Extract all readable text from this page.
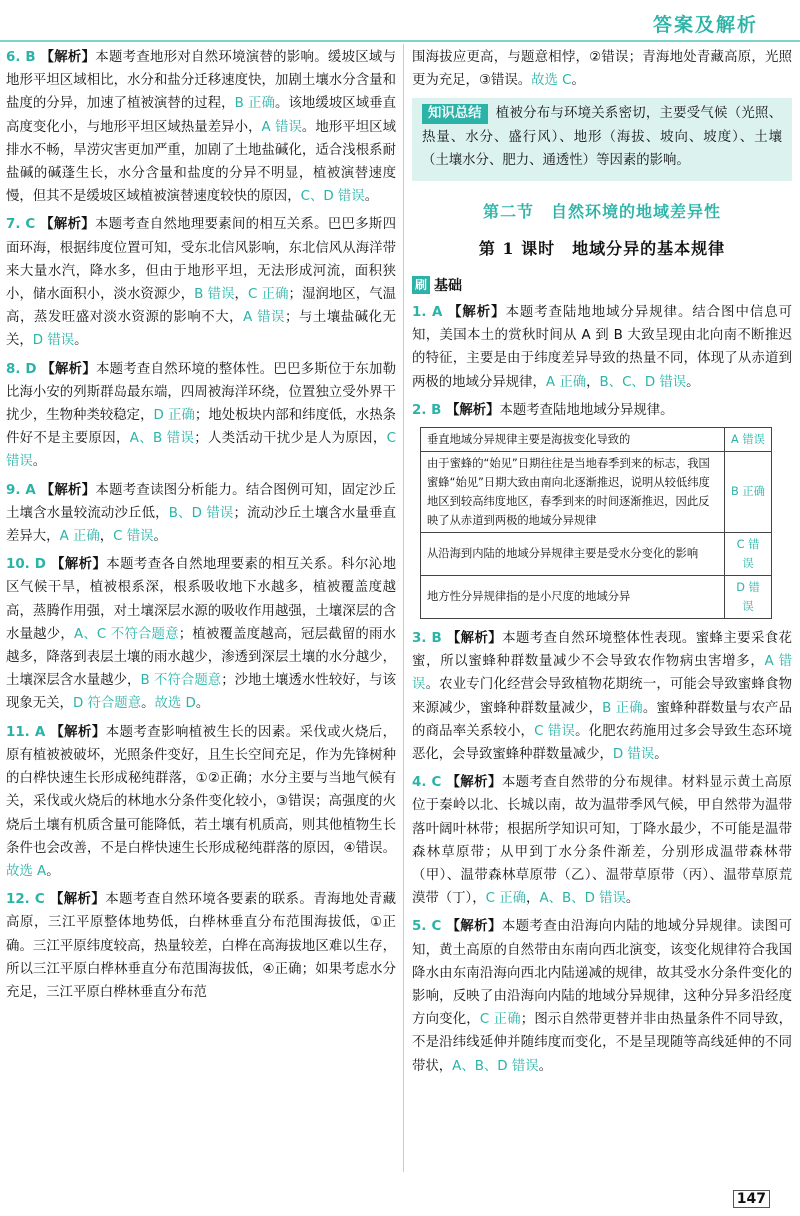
答案及解析
6. B 【解析】本题考查地形对自然环境演替的影响。缓坡区域与地形平坦区域相比，水分和盐分迁移速度快，加剧土壤水分含量和盐度的分异，加速了植被演替的过程，B 正确。该地缓坡区域垂直高度变化小，与地形平坦区域热量差异小，A 错误。地形平坦区域排水不畅，旱涝灾害更加严重，加剧了土地盐碱化，适合浅根系耐盐碱的碱蓬生长，水分含量和盐度的分异不明显，植被演替速度慢，但其不是缓坡区域植被演替速度较快的原因，C、D 错误。
7. C 【解析】本题考查自然地理要素间的相互关系。巴巴多斯四面环海，根据纬度位置可知，受东北信风影响，东北信风从海洋带来大量水汽，降水多，但由于地形平坦，无法形成河流，面积狭小，储水面积小，淡水资源少，B 错误，C 正确；湿润地区，气温高，蒸发旺盛对淡水资源的影响不大，A 错误；与土壤盐碱化无关，D 错误。
8. D 【解析】本题考查自然环境的整体性。巴巴多斯位于东加勒比海小安的列斯群岛最东端，四周被海洋环绕，位置独立受外界干扰少，生物种类较稳定，D 正确；地处板块内部和纬度低，水热条件好不是主要原因，A、B 错误；人类活动干扰少是人为原因，C 错误。
9. A 【解析】本题考查读图分析能力。结合图例可知，固定沙丘土壤含水量较流动沙丘低，B、D 错误；流动沙丘土壤含水量垂直差异大，A 正确，C 错误。
10. D 【解析】本题考查各自然地理要素的相互关系。科尔沁地区气候干旱，植被根系深，根系吸收地下水越多，植被覆盖度越高，蒸腾作用强，对土壤深层水源的吸收作用越强，土壤深层的含水量越少，A、C 不符合题意；植被覆盖度越高，冠层截留的雨水越多，降落到表层土壤的雨水越少，渗透到深层土壤的水分越少，土壤深层含水量越少，B 不符合题意；沙地土壤透水性较好，与该现象无关，D 符合题意。故选 D。
11. A 【解析】本题考查影响植被生长的因素。采伐或火烧后，原有植被被破坏，光照条件变好，且生长空间充足，作为先锋树种的白桦快速生长形成秘纯群落，①②正确；水分主要与当地气候有关，采伐或火烧后的林地水分条件变化较小，③错误；高强度的火烧后土壤有机质含量可能降低，若土壤有机质高，则其他植物生长条件也会改善，不是白桦快速生长形成秘纯群落的原因，④错误。故选 A。
12. C 【解析】本题考查自然环境各要素的联系。青海地处青藏高原，三江平原整体地势低，白桦林垂直分布范围海拔低，①正确。三江平原纬度较高，热量较差，白桦在高海拔地区难以生存，所以三江平原白桦林垂直分布范围海拔低，④正确；如果考虑水分充足，三江平原白桦林垂直分布范
围海拔应更高，与题意相悖，②错误；青海地处青藏高原，光照更为充足，③错误。故选 C。
知识总结 植被分布与环境关系密切，主要受气候（光照、热量、水分、盛行风）、地形（海拔、坡向、坡度）、土壤（土壤水分、肥力、通透性）等因素的影响。
第二节　自然环境的地域差异性
第 1 课时　地域分异的基本规律
刷 基础
1. A 【解析】本题考查陆地地域分异规律。结合图中信息可知，美国本土的赏秋时间从 A 到 B 大致呈现由北向南不断推迟的特征，主要是由于纬度差异导致的热量不同，体现了从赤道到两极的地域分异规律，A 正确，B、C、D 错误。
2. B 【解析】本题考查陆地地域分异规律。
垂直地域分异规律主要是海拔变化导致的	A 错误
由于蜜蜂的“始见”日期往往是当地春季到来的标志，我国蜜蜂“始见”日期大致由南向北逐渐推迟，说明从较低纬度地区到较高纬度地区，春季到来的时间逐渐推迟，因此反映了从赤道到两极的地域分异规律	B 正确
从沿海到内陆的地域分异规律主要是受水分变化的影响	C 错误
地方性分异规律指的是小尺度的地域分异	D 错误
3. B 【解析】本题考查自然环境整体性表现。蜜蜂主要采食花蜜，所以蜜蜂种群数量减少不会导致农作物病虫害增多，A 错误。农业专门化经营会导致植物花期统一，可能会导致蜜蜂食物来源减少，蜜蜂种群数量减少，B 正确。蜜蜂种群数量与农产品的商品率关系较小，C 错误。化肥农药施用过多会导致生态环境恶化，会导致蜜蜂种群数量减少，D 错误。
4. C 【解析】本题考查自然带的分布规律。材料显示黄土高原位于秦岭以北、长城以南，故为温带季风气候，甲自然带为温带落叶阔叶林带；根据所学知识可知，丁降水最少，不可能是温带森林草原带；从甲到丁水分条件渐差，分别形成温带森林带（甲）、温带森林草原带（乙）、温带草原带（丙）、温带草原荒漠带（丁），C 正确，A、B、D 错误。
5. C 【解析】本题考查由沿海向内陆的地域分异规律。读图可知，黄土高原的自然带由东南向西北演变，该变化规律符合我国降水由东南沿海向西北内陆递减的规律，故其受水分条件变化的影响，反映了由沿海向内陆的地域分异规律，这种分异多沿经度方向变化，C 正确；图示自然带更替并非由热量条件不同导致，不是沿纬线延伸并随纬度而变化，不是呈现随等高线延伸的不同带状，A、B、D 错误。
147
